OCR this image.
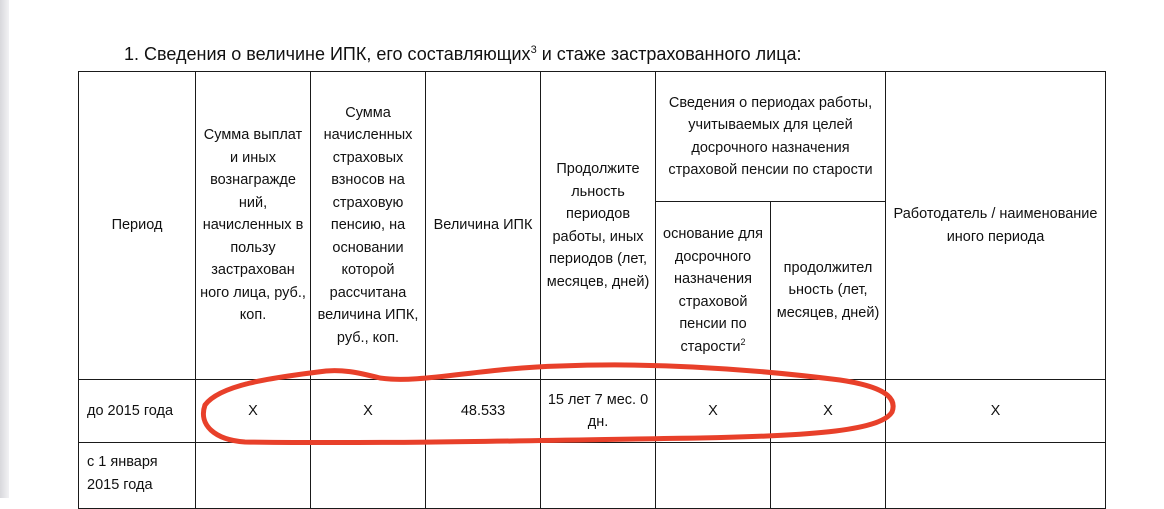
1. Сведения о величине ИПК, его составляющих$^3$ и стаже застрахованного лица:
Период	Сумма выплат и иных вознагражде ний, начисленных в пользу застрахован ного лица, руб., коп.	Сумма начисленных страховых взносов на страховую пенсию, на основании которой рассчитана величина ИПК, руб., коп.	Величина ИПК	Продолжите льность периодов работы, иных периодов (лет, месяцев, дней)	Сведения о периодах работы, учитываемых для целей досрочного назначения страховой пенсии по старости		Работодатель / наименование иного периода
					основание для досрочного назначения страховой пенсии по старости$^2$	продолжител ьность (лет, месяцев, дней)	
до 2015 года	Х	Х	48.533	15 лет 7 мес. 0 дн.	Х	Х	Х
с 1 января 2015 года							
